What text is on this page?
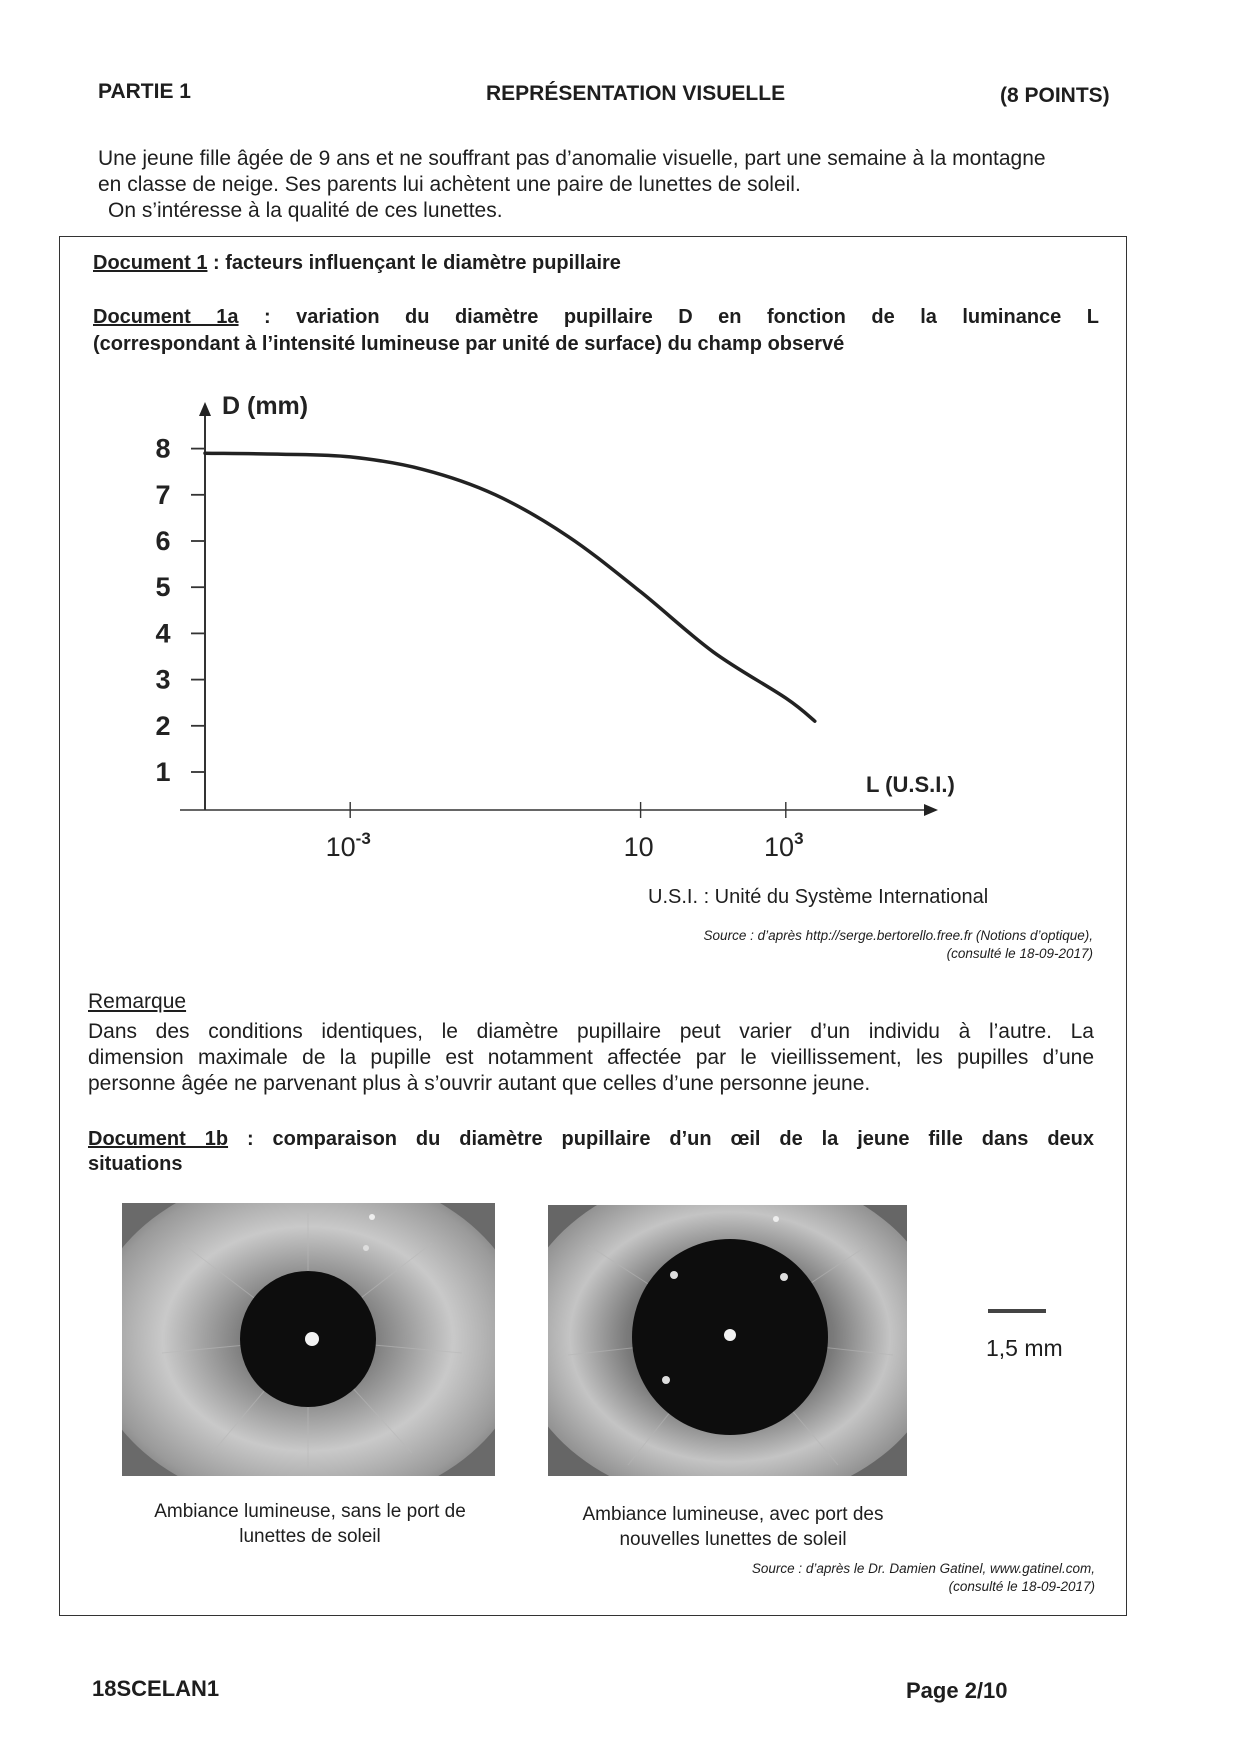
PARTIE 1	REPRÉSENTATION VISUELLE	(8 POINTS)
Une jeune fille âgée de 9 ans et ne souffrant pas d’anomalie visuelle, part une semaine à la montagne
en classe de neige. Ses parents lui achètent une paire de lunettes de soleil.
On s’intéresse à la qualité de ces lunettes.
Document 1 : facteurs influençant le diamètre pupillaire
Document 1a : variation du diamètre pupillaire D en fonction de la luminance L
(correspondant à l’intensité lumineuse par unité de surface) du champ observé
1
2
3
4
5
6
7
8
$10^{-3}$	10	$10^3$
D (mm)
L (U.S.I.)
U.S.I. : Unité du Système International
Source : d’après http://serge.bertorello.free.fr (Notions d’optique),
(consulté le 18-09-2017)
Remarque
Dans des conditions identiques, le diamètre pupillaire peut varier d’un individu à l’autre. La
dimension maximale de la pupille est notamment affectée par le vieillissement, les pupilles d’une
personne âgée ne parvenant plus à s’ouvrir autant que celles d’une personne jeune.
Document 1b : comparaison du diamètre pupillaire d’un œil de la jeune fille dans deux
situations
1,5 mm
Ambiance lumineuse, sans le port de
lunettes de soleil
Ambiance lumineuse, avec port des
nouvelles lunettes de soleil
Source : d’après le Dr. Damien Gatinel, www.gatinel.com,
(consulté le 18-09-2017)
18SCELAN1	Page 2/10
